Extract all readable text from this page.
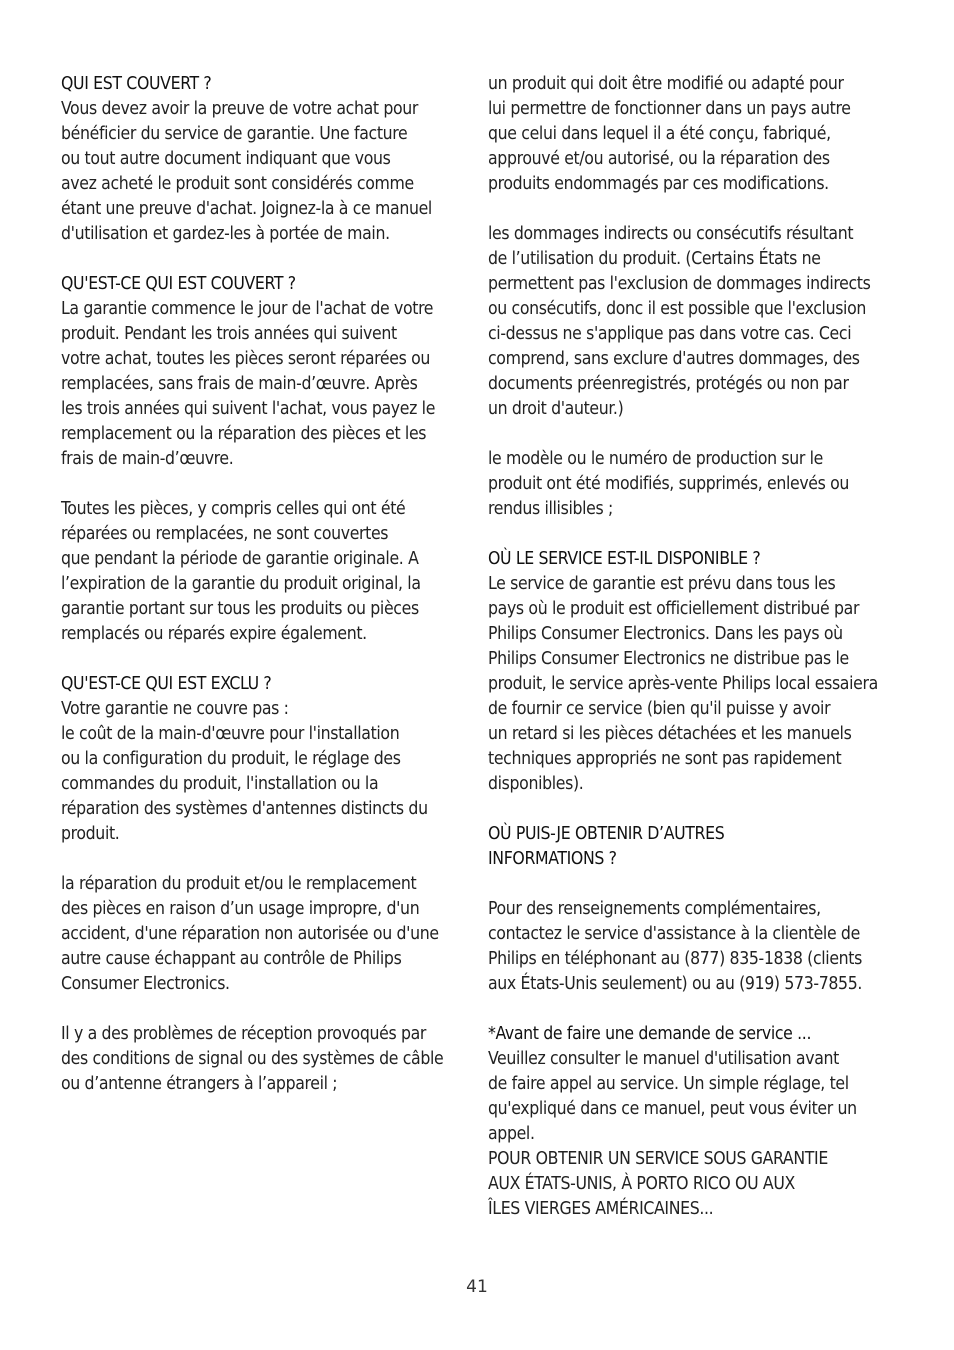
QUI EST COUVERT ?
Vous devez avoir la preuve de votre achat pour
bénéficier du service de garantie. Une facture
ou tout autre document indiquant que vous
avez acheté le produit sont considérés comme
étant une preuve d'achat. Joignez-la à ce manuel
d'utilisation et gardez-les à portée de main.
QU'EST-CE QUI EST COUVERT ?
La garantie commence le jour de l'achat de votre
produit. Pendant les trois années qui suivent
votre achat, toutes les pièces seront réparées ou
remplacées, sans frais de main-d’œuvre. Après
les trois années qui suivent l'achat, vous payez le
remplacement ou la réparation des pièces et les
frais de main-d’œuvre.
Toutes les pièces, y compris celles qui ont été
réparées ou remplacées, ne sont couvertes
que pendant la période de garantie originale. A
l’expiration de la garantie du produit original, la
garantie portant sur tous les produits ou pièces
remplacés ou réparés expire également.
QU'EST-CE QUI EST EXCLU ?
Votre garantie ne couvre pas :
le coût de la main-d'œuvre pour l'installation
ou la configuration du produit, le réglage des
commandes du produit, l'installation ou la
réparation des systèmes d'antennes distincts du
produit.
la réparation du produit et/ou le remplacement
des pièces en raison d’un usage impropre, d'un
accident, d'une réparation non autorisée ou d'une
autre cause échappant au contrôle de Philips
Consumer Electronics.
Il y a des problèmes de réception provoqués par
des conditions de signal ou des systèmes de câble
ou d’antenne étrangers à l’appareil ;
un produit qui doit être modifié ou adapté pour
lui permettre de fonctionner dans un pays autre
que celui dans lequel il a été conçu, fabriqué,
approuvé et/ou autorisé, ou la réparation des
produits endommagés par ces modifications.
les dommages indirects ou consécutifs résultant
de l’utilisation du produit. (Certains États ne
permettent pas l'exclusion de dommages indirects
ou consécutifs, donc il est possible que l'exclusion
ci-dessus ne s'applique pas dans votre cas. Ceci
comprend, sans exclure d'autres dommages, des
documents préenregistrés, protégés ou non par
un droit d'auteur.)
le modèle ou le numéro de production sur le
produit ont été modifiés, supprimés, enlevés ou
rendus illisibles ;
OÙ LE SERVICE EST-IL DISPONIBLE ?
Le service de garantie est prévu dans tous les
pays où le produit est officiellement distribué par
Philips Consumer Electronics. Dans les pays où
Philips Consumer Electronics ne distribue pas le
produit, le service après-vente Philips local essaiera
de fournir ce service (bien qu'il puisse y avoir
un retard si les pièces détachées et les manuels
techniques appropriés ne sont pas rapidement
disponibles).
OÙ PUIS-JE OBTENIR D’AUTRES
INFORMATIONS ?
Pour des renseignements complémentaires,
contactez le service d'assistance à la clientèle de
Philips en téléphonant au (877) 835-1838 (clients
aux États-Unis seulement) ou au (919) 573-7855.
*Avant de faire une demande de service ...
Veuillez consulter le manuel d'utilisation avant
de faire appel au service. Un simple réglage, tel
qu'expliqué dans ce manuel, peut vous éviter un
appel.
POUR OBTENIR UN SERVICE SOUS GARANTIE
AUX ÉTATS-UNIS, À PORTO RICO OU AUX
ÎLES VIERGES AMÉRICAINES...
41
